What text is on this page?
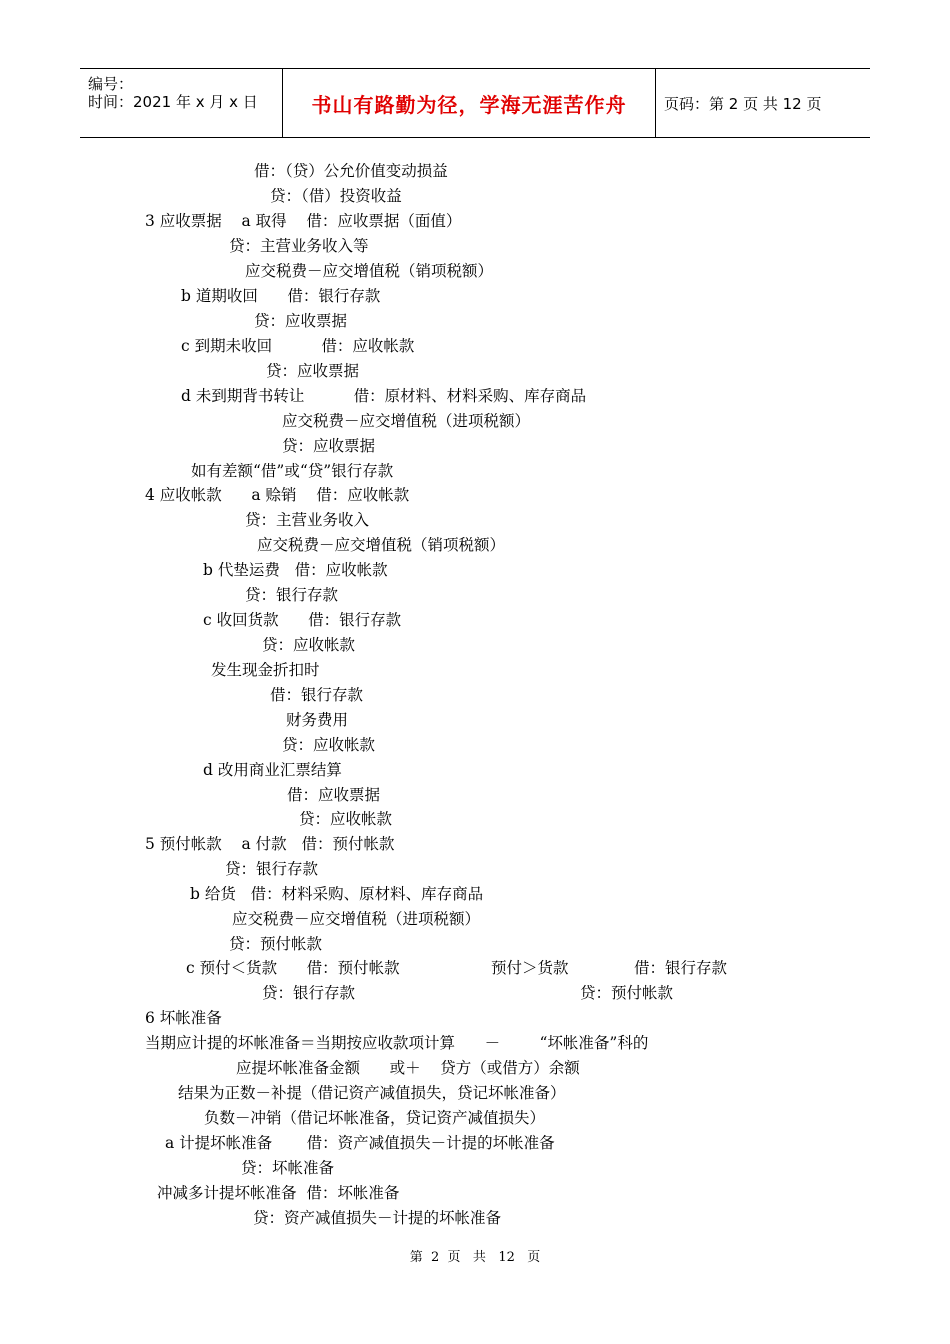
编号：
时间：2021 年 x 月 x 日	书山有路勤为径，学海无涯苦作舟	页码：第 2 页 共 12 页
借：（贷）公允价值变动损益
贷：（借）投资收益
3 应收票据    a 取得    借：应收票据（面值）
贷：主营业务收入等
应交税费－应交增值税（销项税额）
b 道期收回      借：银行存款
贷：应收票据
c 到期未收回          借：应收帐款
贷：应收票据
d 未到期背书转让          借：原材料、材料采购、库存商品
应交税费－应交增值税（进项税额）
贷：应收票据
如有差额“借”或“贷”银行存款
4 应收帐款      a 赊销    借：应收帐款
贷：主营业务收入
应交税费－应交增值税（销项税额）
b 代垫运费   借：应收帐款
贷：银行存款
c 收回货款      借：银行存款
贷：应收帐款
发生现金折扣时
借：银行存款
财务费用
贷：应收帐款
d 改用商业汇票结算
借：应收票据
贷：应收帐款
5 预付帐款    a 付款   借：预付帐款
贷：银行存款
b 给货   借：材料采购、原材料、库存商品
应交税费－应交增值税（进项税额）
贷：预付帐款
c 预付＜货款      借：预付帐款	预付＞货款	借：银行存款
贷：银行存款	贷：预付帐款
6 坏帐准备
当期应计提的坏帐准备＝当期按应收款项计算      －        “坏帐准备”科的
应提坏帐准备金额      或＋    贷方（或借方）余额
结果为正数－补提（借记资产减值损失，贷记坏帐准备）
负数－冲销（借记坏帐准备，贷记资产减值损失）
a 计提坏帐准备       借：资产减值损失－计提的坏帐准备
贷：坏帐准备
冲减多计提坏帐准备  借：坏帐准备
贷：资产减值损失－计提的坏帐准备
第  2  页   共   12   页
